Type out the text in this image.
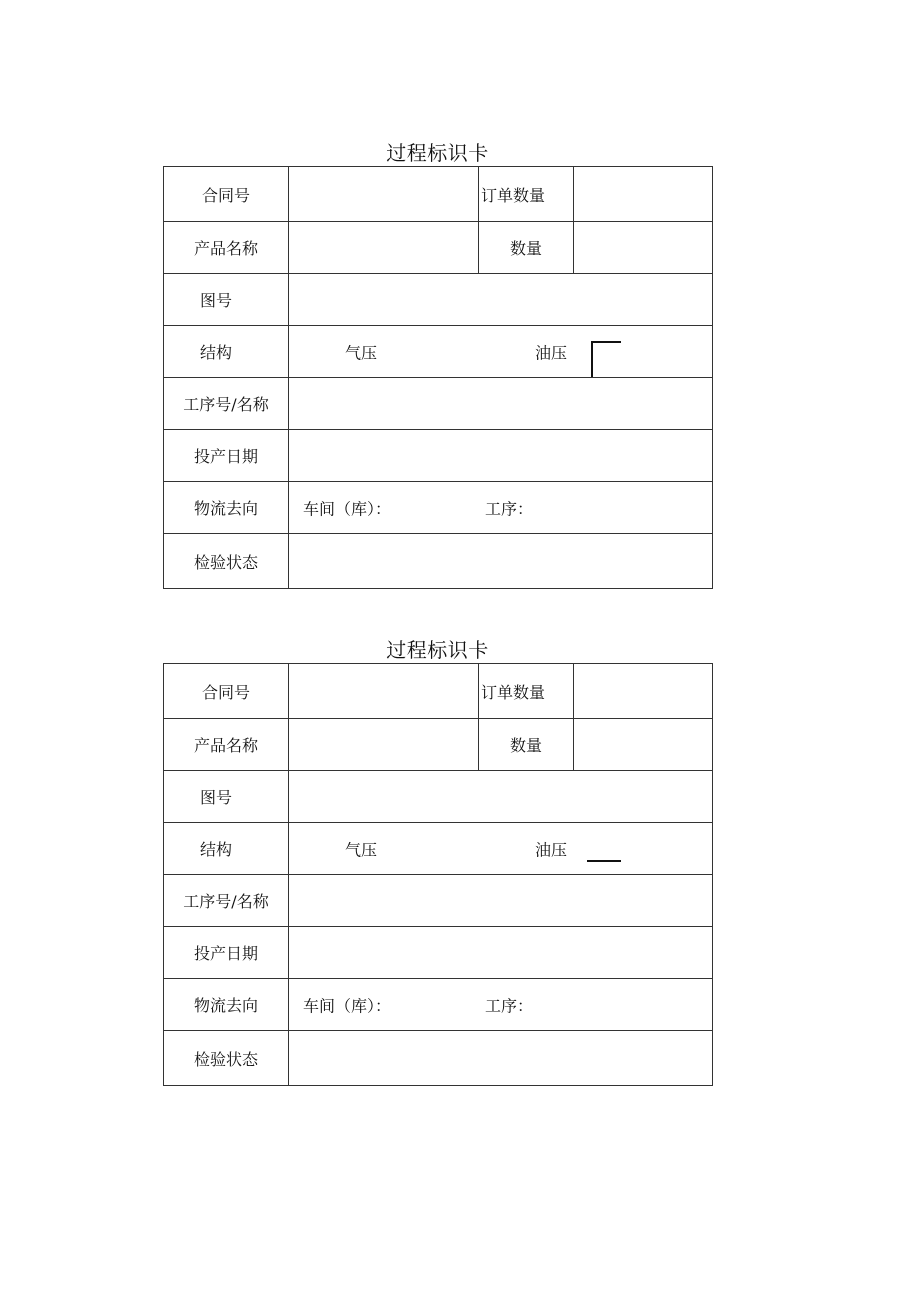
过程标识卡
合同号		订单数量	
产品名称		数量	
图号			
结构	气压 油压		

工序号/名称			
投产日期			
物流去向	车间（库）： 工序：		

检验状态			
过程标识卡
合同号		订单数量	
产品名称		数量	
图号			
结构	气压 油压		

工序号/名称			
投产日期			
物流去向	车间（库）： 工序：		

检验状态			
